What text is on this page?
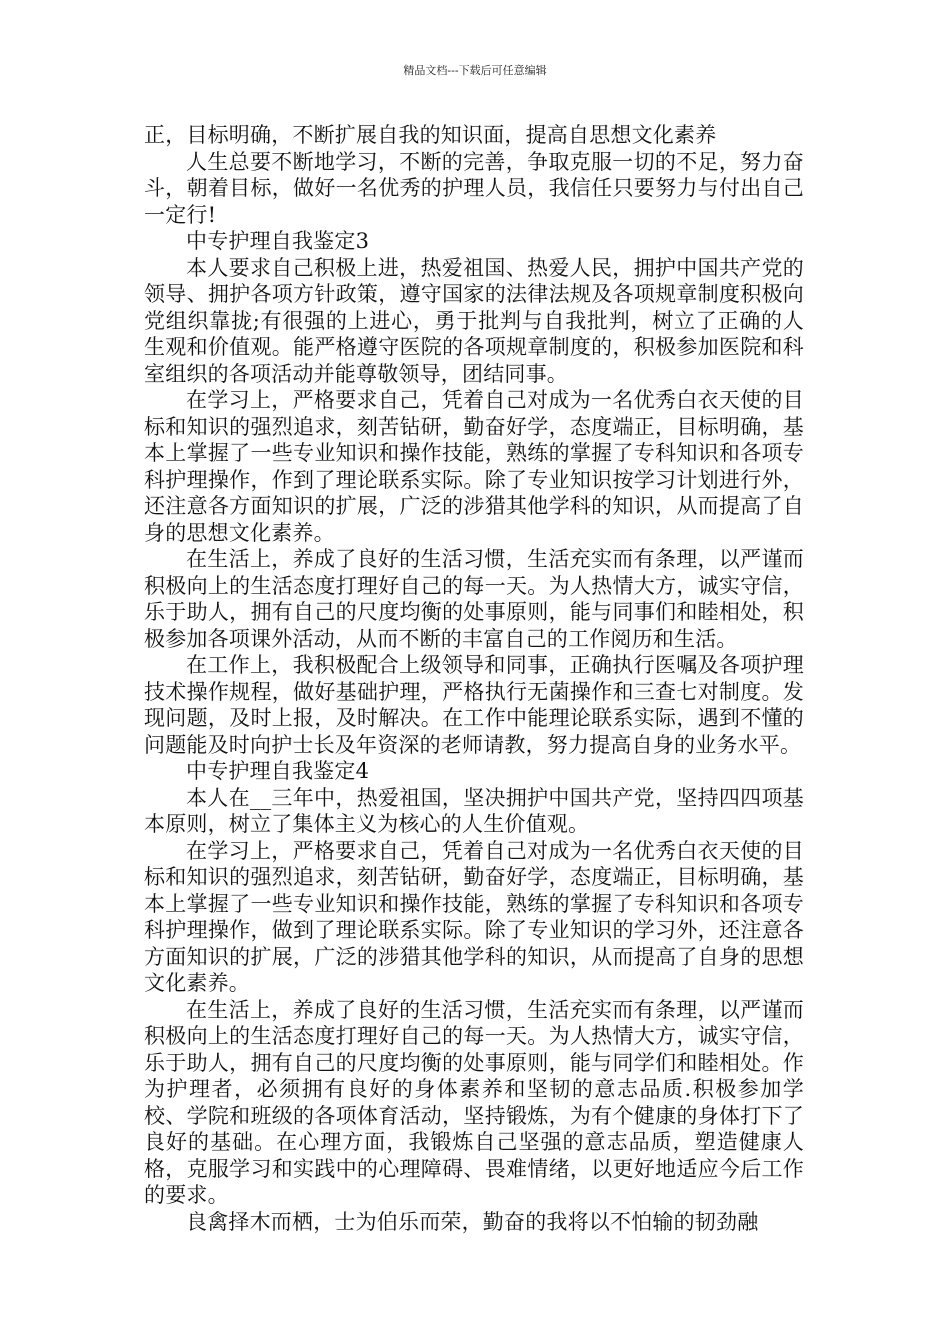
精品文档---下载后可任意编辑

正，目标明确，不断扩展自我的知识面，提高自思想文化素养

人生总要不断地学习，不断的完善，争取克服一切的不足，努力奋斗，朝着目标，做好一名优秀的护理人员，我信任只要努力与付出自己一定行!

中专护理自我鉴定3

本人要求自己积极上进，热爱祖国、热爱人民，拥护中国共产党的领导、拥护各项方针政策，遵守国家的法律法规及各项规章制度积极向党组织靠拢;有很强的上进心，勇于批判与自我批判，树立了正确的人生观和价值观。能严格遵守医院的各项规章制度的，积极参加医院和科室组织的各项活动并能尊敬领导，团结同事。

在学习上，严格要求自己，凭着自己对成为一名优秀白衣天使的目标和知识的强烈追求，刻苦钻研，勤奋好学，态度端正，目标明确，基本上掌握了一些专业知识和操作技能，熟练的掌握了专科知识和各项专科护理操作，作到了理论联系实际。除了专业知识按学习计划进行外，还注意各方面知识的扩展，广泛的涉猎其他学科的知识，从而提高了自身的思想文化素养。

在生活上，养成了良好的生活习惯，生活充实而有条理，以严谨而积极向上的生活态度打理好自己的每一天。为人热情大方，诚实守信，乐于助人，拥有自己的尺度均衡的处事原则，能与同事们和睦相处，积极参加各项课外活动，从而不断的丰富自己的工作阅历和生活。

在工作上，我积极配合上级领导和同事，正确执行医嘱及各项护理技术操作规程，做好基础护理，严格执行无菌操作和三查七对制度。发现问题，及时上报，及时解决。在工作中能理论联系实际，遇到不懂的问题能及时向护士长及年资深的老师请教，努力提高自身的业务水平。

中专护理自我鉴定4

本人在__三年中，热爱祖国，坚决拥护中国共产党，坚持四四项基本原则，树立了集体主义为核心的人生价值观。

在学习上，严格要求自己，凭着自己对成为一名优秀白衣天使的目标和知识的强烈追求，刻苦钻研，勤奋好学，态度端正，目标明确，基本上掌握了一些专业知识和操作技能，熟练的掌握了专科知识和各项专科护理操作，做到了理论联系实际。除了专业知识的学习外，还注意各方面知识的扩展，广泛的涉猎其他学科的知识，从而提高了自身的思想文化素养。

在生活上，养成了良好的生活习惯，生活充实而有条理，以严谨而积极向上的生活态度打理好自己的每一天。为人热情大方，诚实守信，乐于助人，拥有自己的尺度均衡的处事原则，能与同学们和睦相处。作为护理者，必须拥有良好的身体素养和坚韧的意志品质.积极参加学校、学院和班级的各项体育活动，坚持锻炼，为有个健康的身体打下了良好的基础。在心理方面，我锻炼自己坚强的意志品质，塑造健康人格，克服学习和实践中的心理障碍、畏难情绪，以更好地适应今后工作的要求。

良禽择木而栖，士为伯乐而荣，勤奋的我将以不怕输的韧劲融
